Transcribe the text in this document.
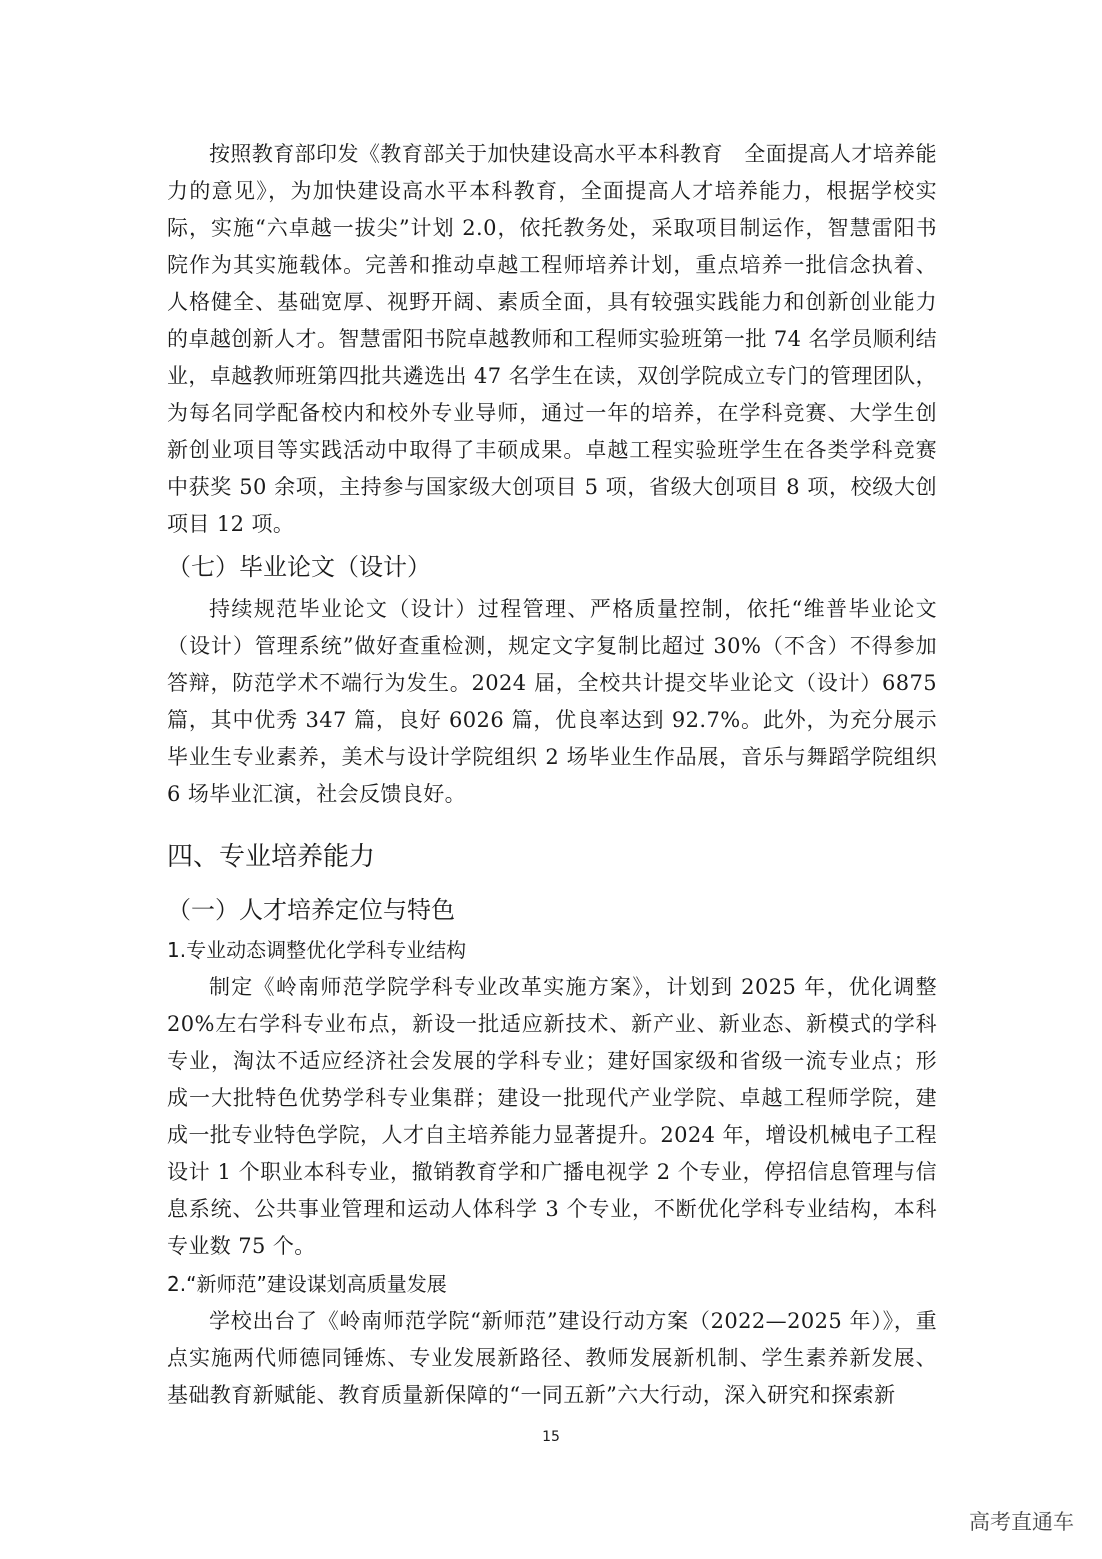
按照教育部印发《教育部关于加快建设高水平本科教育　全面提高人才培养能力的意见》，为加快建设高水平本科教育，全面提高人才培养能力，根据学校实际，实施“六卓越一拔尖”计划 2.0，依托教务处，采取项目制运作，智慧雷阳书院作为其实施载体。完善和推动卓越工程师培养计划，重点培养一批信念执着、人格健全、基础宽厚、视野开阔、素质全面，具有较强实践能力和创新创业能力的卓越创新人才。智慧雷阳书院卓越教师和工程师实验班第一批 74 名学员顺利结业，卓越教师班第四批共遴选出 47 名学生在读，双创学院成立专门的管理团队，为每名同学配备校内和校外专业导师，通过一年的培养，在学科竞赛、大学生创新创业项目等实践活动中取得了丰硕成果。卓越工程实验班学生在各类学科竞赛中获奖 50 余项，主持参与国家级大创项目 5 项，省级大创项目 8 项，校级大创项目 12 项。

（七）毕业论文（设计）

持续规范毕业论文（设计）过程管理、严格质量控制，依托“维普毕业论文（设计）管理系统”做好查重检测，规定文字复制比超过 30%（不含）不得参加答辩，防范学术不端行为发生。2024 届，全校共计提交毕业论文（设计）6875 篇，其中优秀 347 篇，良好 6026 篇，优良率达到 92.7%。此外，为充分展示毕业生专业素养，美术与设计学院组织 2 场毕业生作品展，音乐与舞蹈学院组织 6 场毕业汇演，社会反馈良好。

四、专业培养能力
（一）人才培养定位与特色
1.专业动态调整优化学科专业结构

制定《岭南师范学院学科专业改革实施方案》，计划到 2025 年，优化调整 20%左右学科专业布点，新设一批适应新技术、新产业、新业态、新模式的学科专业，淘汰不适应经济社会发展的学科专业；建好国家级和省级一流专业点；形成一大批特色优势学科专业集群；建设一批现代产业学院、卓越工程师学院，建成一批专业特色学院，人才自主培养能力显著提升。2024 年，增设机械电子工程设计 1 个职业本科专业，撤销教育学和广播电视学 2 个专业，停招信息管理与信息系统、公共事业管理和运动人体科学 3 个专业，不断优化学科专业结构，本科专业数 75 个。

2.“新师范”建设谋划高质量发展

学校出台了《岭南师范学院“新师范”建设行动方案（2022—2025 年）》，重点实施两代师德同锤炼、专业发展新路径、教师发展新机制、学生素养新发展、基础教育新赋能、教育质量新保障的“一同五新”六大行动，深入研究和探索新

15
高考直通车
